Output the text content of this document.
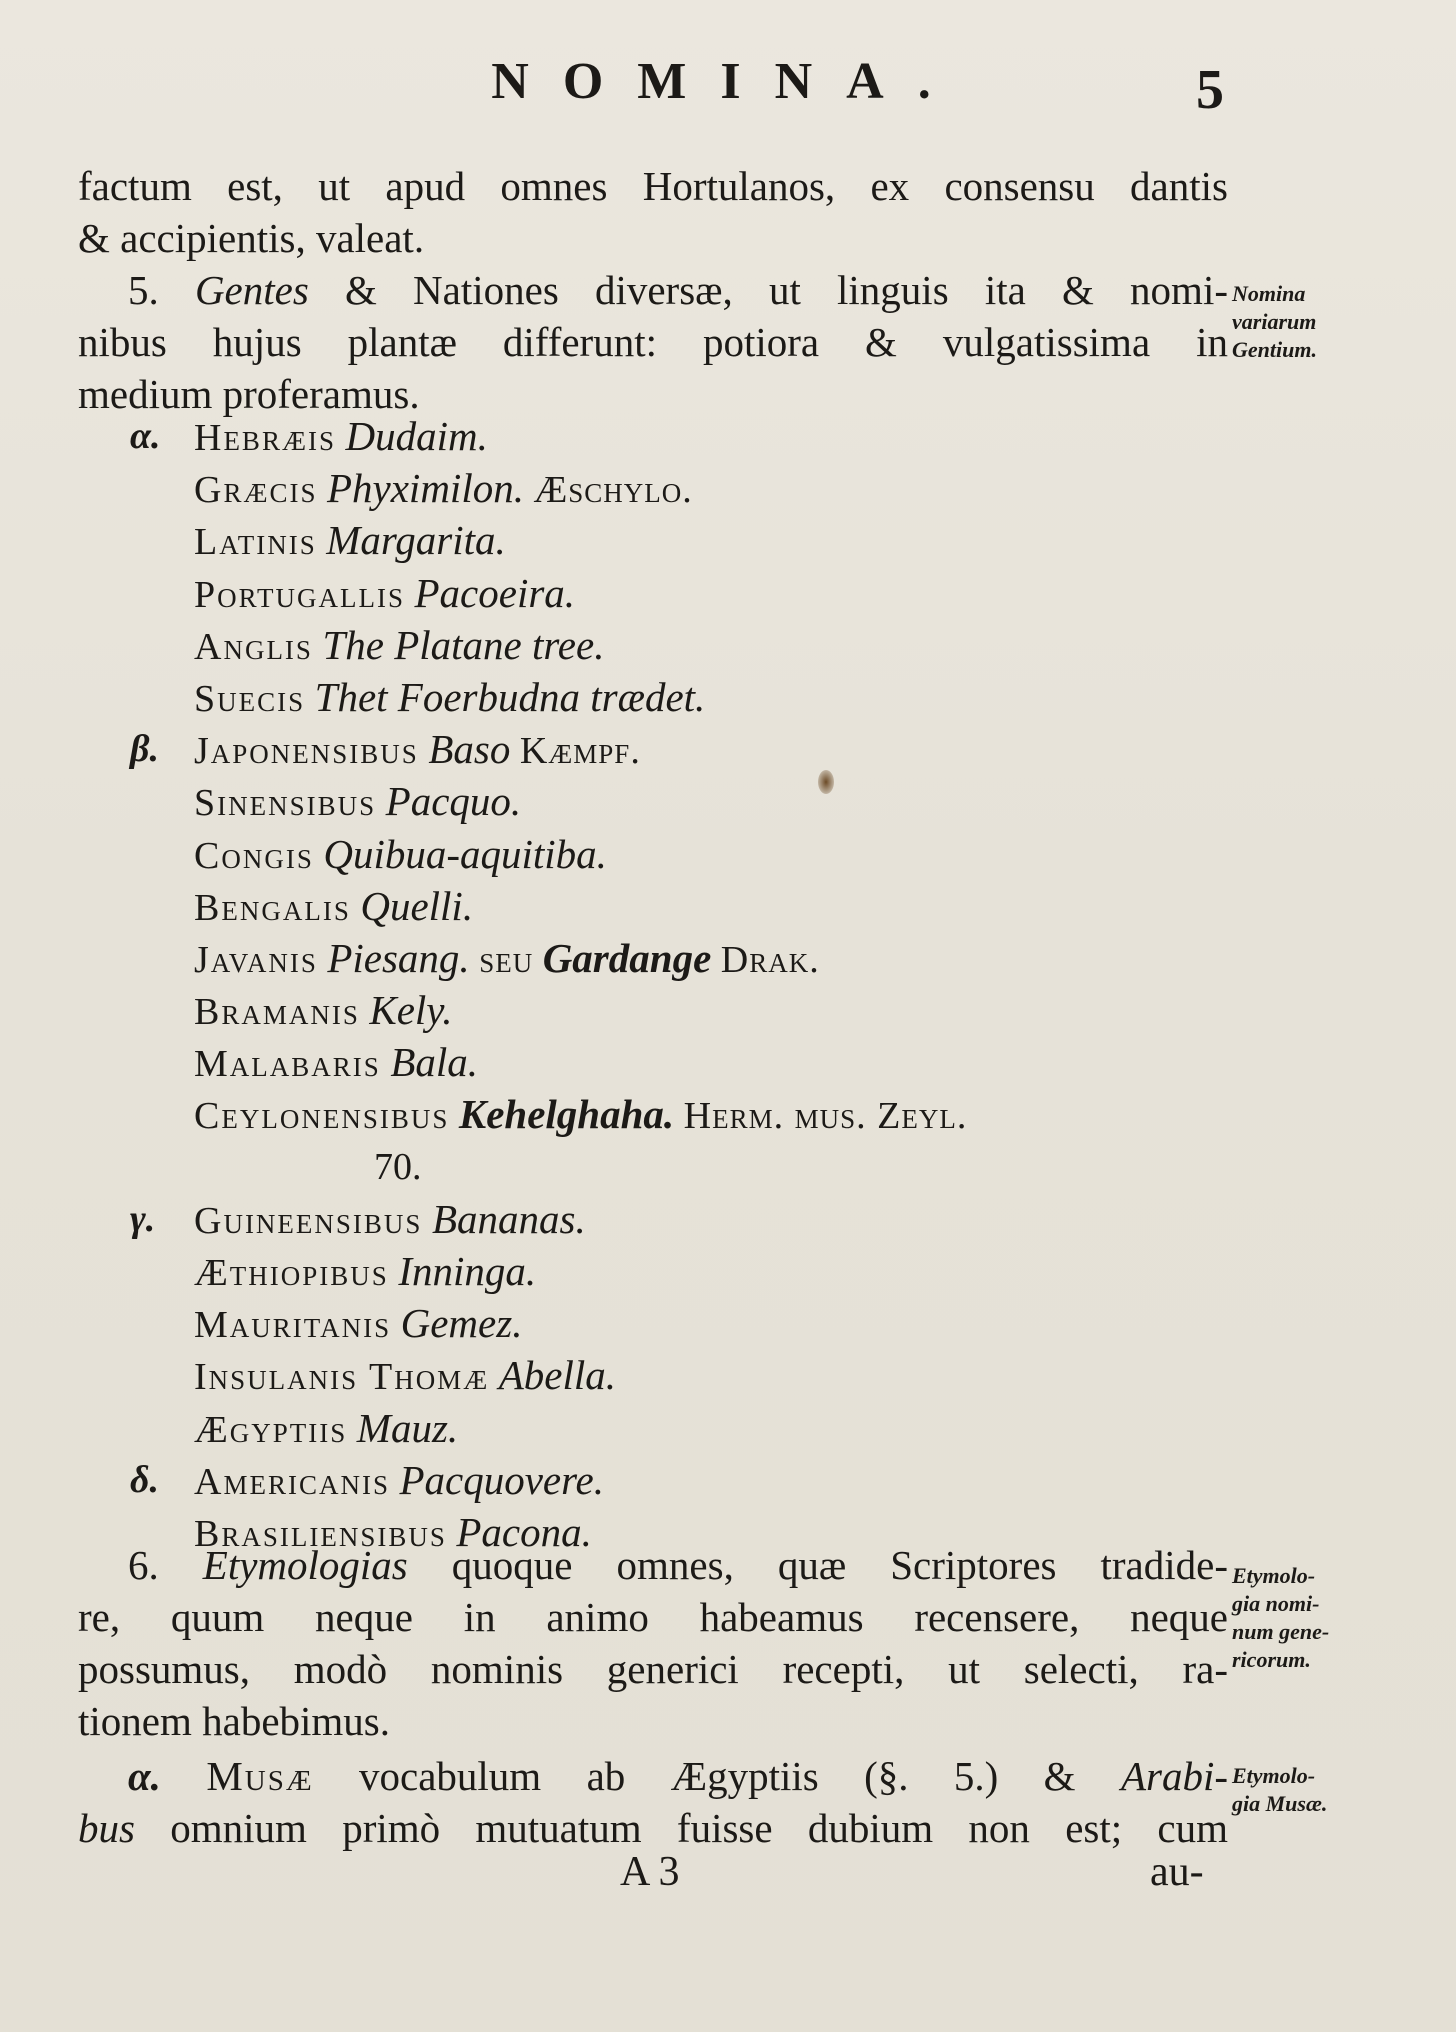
NOMINA.	5
factum est, ut apud omnes Hortulanos, ex consensu dantis
& accipientis, valeat.
5. Gentes & Nationes diversæ, ut linguis ita & nomi-
nibus hujus plantæ differunt: potiora & vulgatissima in
medium proferamus.
α. Hebræis Dudaim.
Græcis Phyximilon. Æschylo.
Latinis Margarita.
Portugallis Pacoeira.
Anglis The Platane tree.
Suecis Thet Foerbudna trædet.
β. Japonensibus Baso Kæmpf.
Sinensibus Pacquo.
Congis Quibua-aquitiba.
Bengalis Quelli.
Javanis Piesang. seu Gardange Drak.
Bramanis Kely.
Malabaris Bala.
Ceylonensibus Kehelghaha. Herm. mus. Zeyl.
70.
γ.	Guineensibus Bananas.
Æthiopibus Inninga.
Mauritanis Gemez.
Insulanis Thomæ Abella.
Ægyptiis Mauz.
δ. Americanis Pacquovere.
Brasiliensibus Pacona.
6. Etymologias quoque omnes, quæ Scriptores tradide-
re, quum neque in animo habeamus recensere, neque
possumus, modò nominis generici recepti, ut selecti, ra-
tionem habebimus.
α. Musæ vocabulum ab Ægyptiis (§. 5.) & Arabi-
bus omnium primò mutuatum fuisse dubium non est; cum
Nomina
variarum
Gentium.
Etymolo-
gia nomi-
num gene-
ricorum.
Etymolo-
gia Musæ.
A 3	au-
